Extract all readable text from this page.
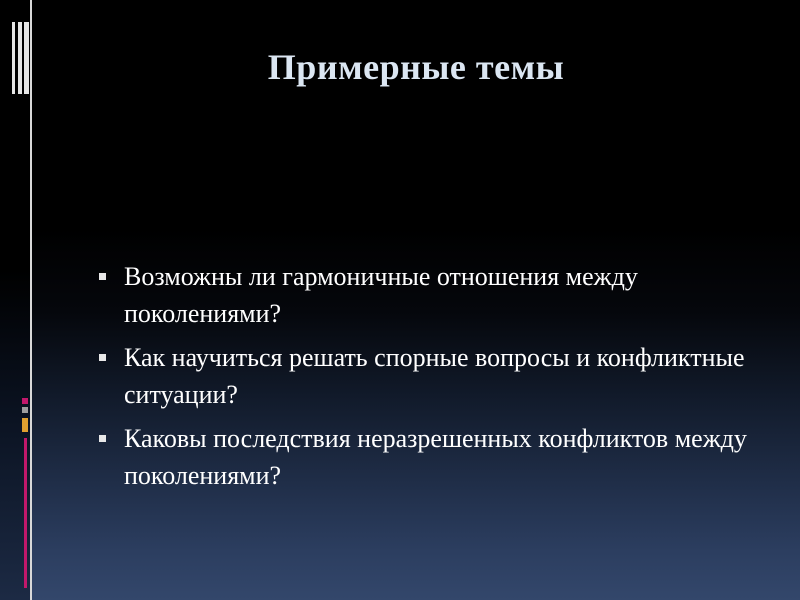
Примерные темы
Возможны ли гармоничные отношения между поколениями?
Как научиться решать спорные вопросы и конфликтные ситуации?
Каковы последствия неразрешенных конфликтов между поколениями?
